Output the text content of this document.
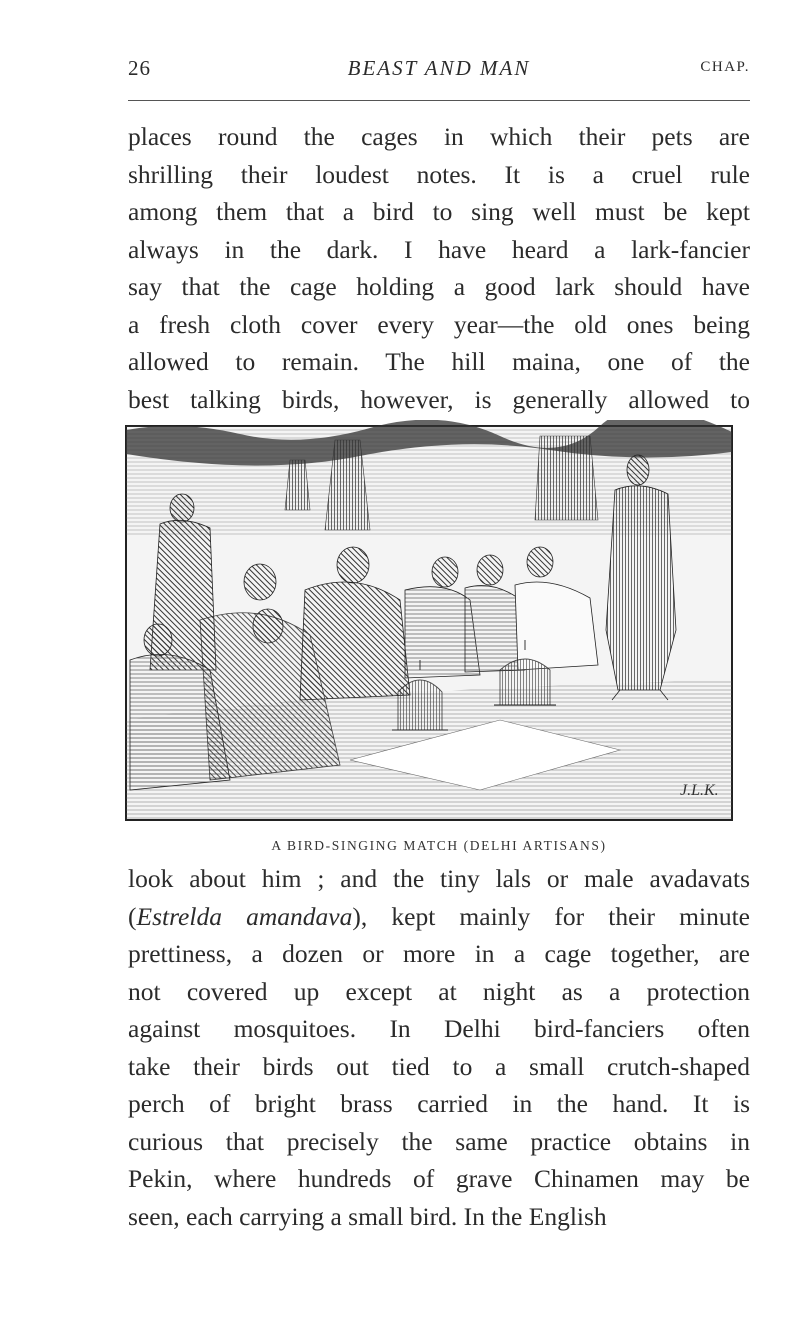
26	BEAST AND MAN	CHAP.
places round the cages in which their pets are
shrilling their loudest notes. It is a cruel rule
among them that a bird to sing well must be kept
always in the dark. I have heard a lark-fancier
say that the cage holding a good lark should have
a fresh cloth cover every year—the old ones being
allowed to remain. The hill maina, one of the
best talking birds, however, is generally allowed to
J.L.K.
A BIRD-SINGING MATCH (DELHI ARTISANS)
look about him ; and the tiny lals or male avadavats
(Estrelda amandava), kept mainly for their minute
prettiness, a dozen or more in a cage together, are
not covered up except at night as a protection
against mosquitoes. In Delhi bird-fanciers often
take their birds out tied to a small crutch-shaped
perch of bright brass carried in the hand. It is
curious that precisely the same practice obtains in
Pekin, where hundreds of grave Chinamen may be
seen, each carrying a small bird. In the English
